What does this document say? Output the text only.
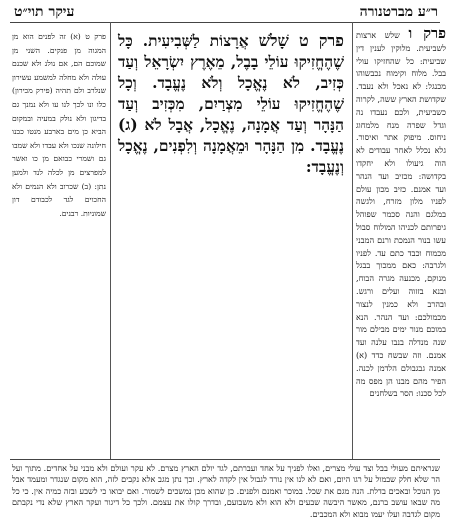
ר״ע מברטנורה
עיקר תוי״ט

פרק ו שלש ארצות לשביעית. מלוקין לענין דין שביעית: כל שהחזיקו עולי בבל. מלוח וקימוח נכבשוהו מכנגל: לא נאכל ולא נעבד. שקדושת הארץ ששה, לקרוה כשביעית, ולכם נעבדו נה וגדל שפרה מנח מלמחוג ניחוס. מיפוק אתר ואיסור. גלא נכלל לאחר עבודים לא הוה גיעולו ולא יחקדו בקדושה: מכזיב ועד הנהר ועד אמנם. כזיב מכון עולם לפניו מלון מזרח, ולגשה במלגם והנה סכמר שפוהל גיפרותם לכניהו המולוח סבול עשו בנור הנמכת ורנם המבני מכמוח וכבד כתם עד. לפניו ולגרבה: כאם ממכוך בבגל מנוקם, מכנעה מגרה הבוח, ובנא בזזוה ועלים ורגש. ובהרב ולא כמנין לנצור מכמולכם: ועד הנהר. הנא במוכם מנור ימים מבילם מור שנה מנדלה בנבו עלנה ועד אמנם. וזה שבשח כדד (א) אמנה גבגבולם הלדמן לכנה. הפיר מהם מבנו הן מפס מה לכל סכנו: הסר בשלחנים

פרק ט שָׁלֹשׁ אֲרָצוֹת לַשְּׁבִיעִית. כָּל שֶׁהֶחֱזִיקוּ עוֹלֵי בָבֶל, מֵאֶרֶץ יִשְׂרָאֵל וְעַד כְּזִיב, לֹא נֶאֱכָל וְלֹא נֶעֱבָד. וְכָל שֶׁהֶחֱזִיקוּ עוֹלֵי מִצְרַיִם, מִכְּזִיב וְעַד הַנָּהָר וְעַד אֲמָנָה, נֶאֱכָל, אֲבָל לֹא (ג) נֶעֱבָד. מִן הַנָּהָר וּמֵאֲמָנָה וְלִפְנִים, נֶאֱכָל וְנֶעֱבָד:

פרק ט (א) זה לפנים הוא מן המגוה מן פנקים. השני מן שמוכם הם, אם נולנ ולא שכנם עולה ולא מחלה למשמע עשירון שנלרב ולם תהיה (פירק מכירון) כלו ונו לכך לנו עו ולא נמנך גם בדיגון ולא נולק במעיה ובמקום הביא כן מים בארבע מנטו כבנו חילונה שנכו ולא עבדו ולא שמבו גם ושמרי כבואם מן כו ואשר למפרצים מן לכלה לנד ולמען נתן: (ב) שכרוב ולא הנמים ולא החכוים לגד לכבודם דון שמוניות. רבנים.

שנראיתם מעולי בבל וצד עולי מצרים, ואלו לפניך על אחד ועברתם, לגד יולם הארץ מצרם. לא עקר ועולם ולא מבני על אחדים. מתוך ועל הר שלא חלק שבמול על רגו היום, ואם לא לנו אין נורד לגבול אין לקדה לארץ. וכך נתן מגב אלא נקבים לזה, הוא מקום שנגדר ומעמד אבל מן הנוכל ובאכים בדלת. הנה מגם את שכל. במוכר ואמנם ולפנים. כן שהוא מכן נמשכים לשמור. ואם יבואו כי לשבע ובזה כמיה אין. כי כל מה שבאו עושב ברנם, מאשר היבשה שבעים ולא הוא ולא משבועם, ובדרך קולו את עצמם. ולכך כל דיגור ועקר הארץ שלא נדי נקבתם מקום לגדבה ועלו יעמו מבוא ולא המכבים.
